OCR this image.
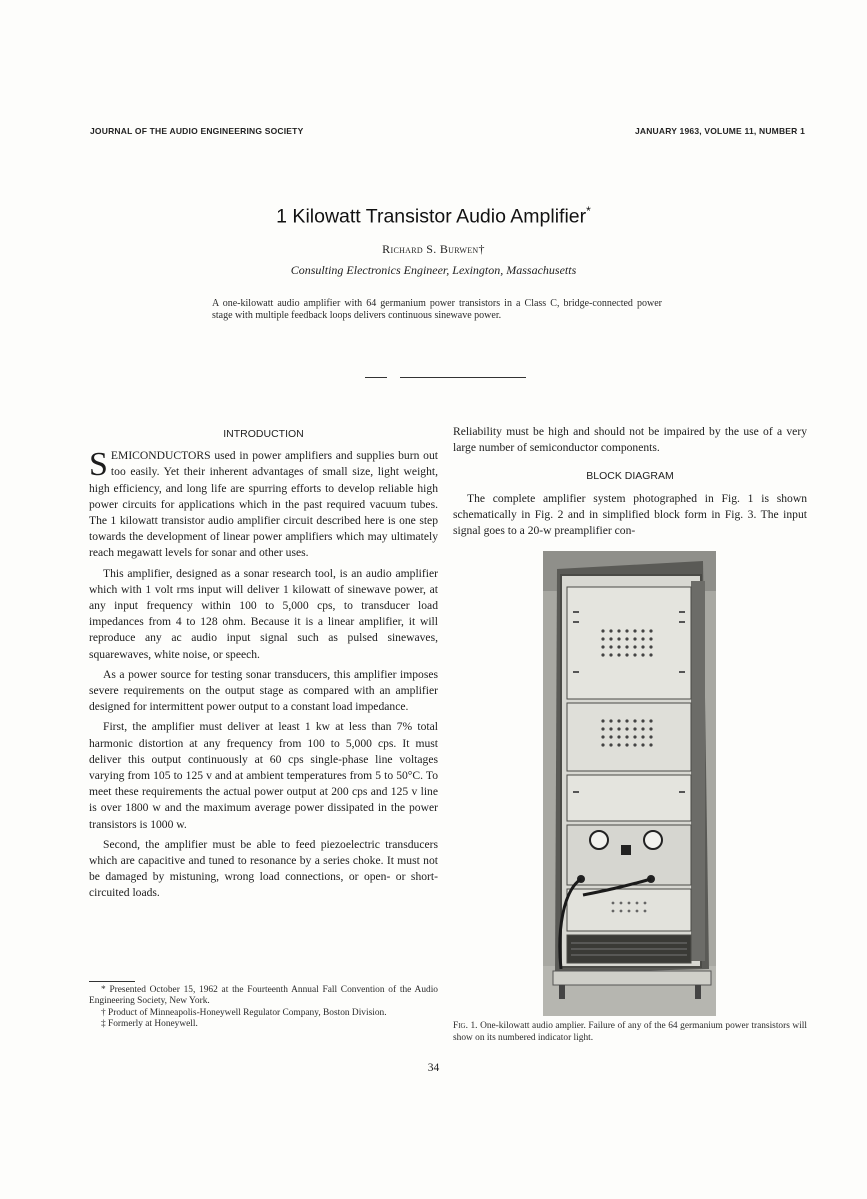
JOURNAL OF THE AUDIO ENGINEERING SOCIETY	JANUARY 1963, VOLUME 11, NUMBER 1
1 Kilowatt Transistor Audio Amplifier*
Richard S. Burwen†
Consulting Electronics Engineer, Lexington, Massachusetts
A one-kilowatt audio amplifier with 64 germanium power transistors in a Class C, bridge-connected power stage with multiple feedback loops delivers continuous sinewave power.
INTRODUCTION

SEMICONDUCTORS used in power amplifiers and supplies burn out too easily. Yet their inherent advantages of small size, light weight, high efficiency, and long life are spurring efforts to develop reliable high power circuits for applications which in the past required vacuum tubes. The 1 kilowatt transistor audio amplifier circuit described here is one step towards the development of linear power amplifiers which may ultimately reach megawatt levels for sonar and other uses.

This amplifier, designed as a sonar research tool, is an audio amplifier which with 1 volt rms input will deliver 1 kilowatt of sinewave power, at any input frequency within 100 to 5,000 cps, to transducer load impedances from 4 to 128 ohm. Because it is a linear amplifier, it will reproduce any ac audio input signal such as pulsed sinewaves, squarewaves, white noise, or speech.

As a power source for testing sonar transducers, this amplifier imposes severe requirements on the output stage as compared with an amplifier designed for intermittent power output to a constant load impedance.

First, the amplifier must deliver at least 1 kw at less than 7% total harmonic distortion at any frequency from 100 to 5,000 cps. It must deliver this output continuously at 60 cps single-phase line voltages varying from 105 to 125 v and at ambient temperatures from 5 to 50°C. To meet these requirements the actual power output at 200 cps and 125 v line is over 1800 w and the maximum average power dissipated in the power transistors is 1000 w.

Second, the amplifier must be able to feed piezoelectric transducers which are capacitive and tuned to resonance by a series choke. It must not be damaged by mistuning, wrong load connections, or open- or short-circuited loads.

Reliability must be high and should not be impaired by the use of a very large number of semiconductor components.

BLOCK DIAGRAM

The complete amplifier system photographed in Fig. 1 is shown schematically in Fig. 2 and in simplified block form in Fig. 3. The input signal goes to a 20-w preamplifier con-

* Presented October 15, 1962 at the Fourteenth Annual Fall Convention of the Audio Engineering Society, New York.
† Product of Minneapolis-Honeywell Regulator Company, Boston Division.
‡ Formerly at Honeywell.	Fig. 1. One-kilowatt audio amplier. Failure of any of the 64 germanium power transistors will show on its numbered indicator light.
34
